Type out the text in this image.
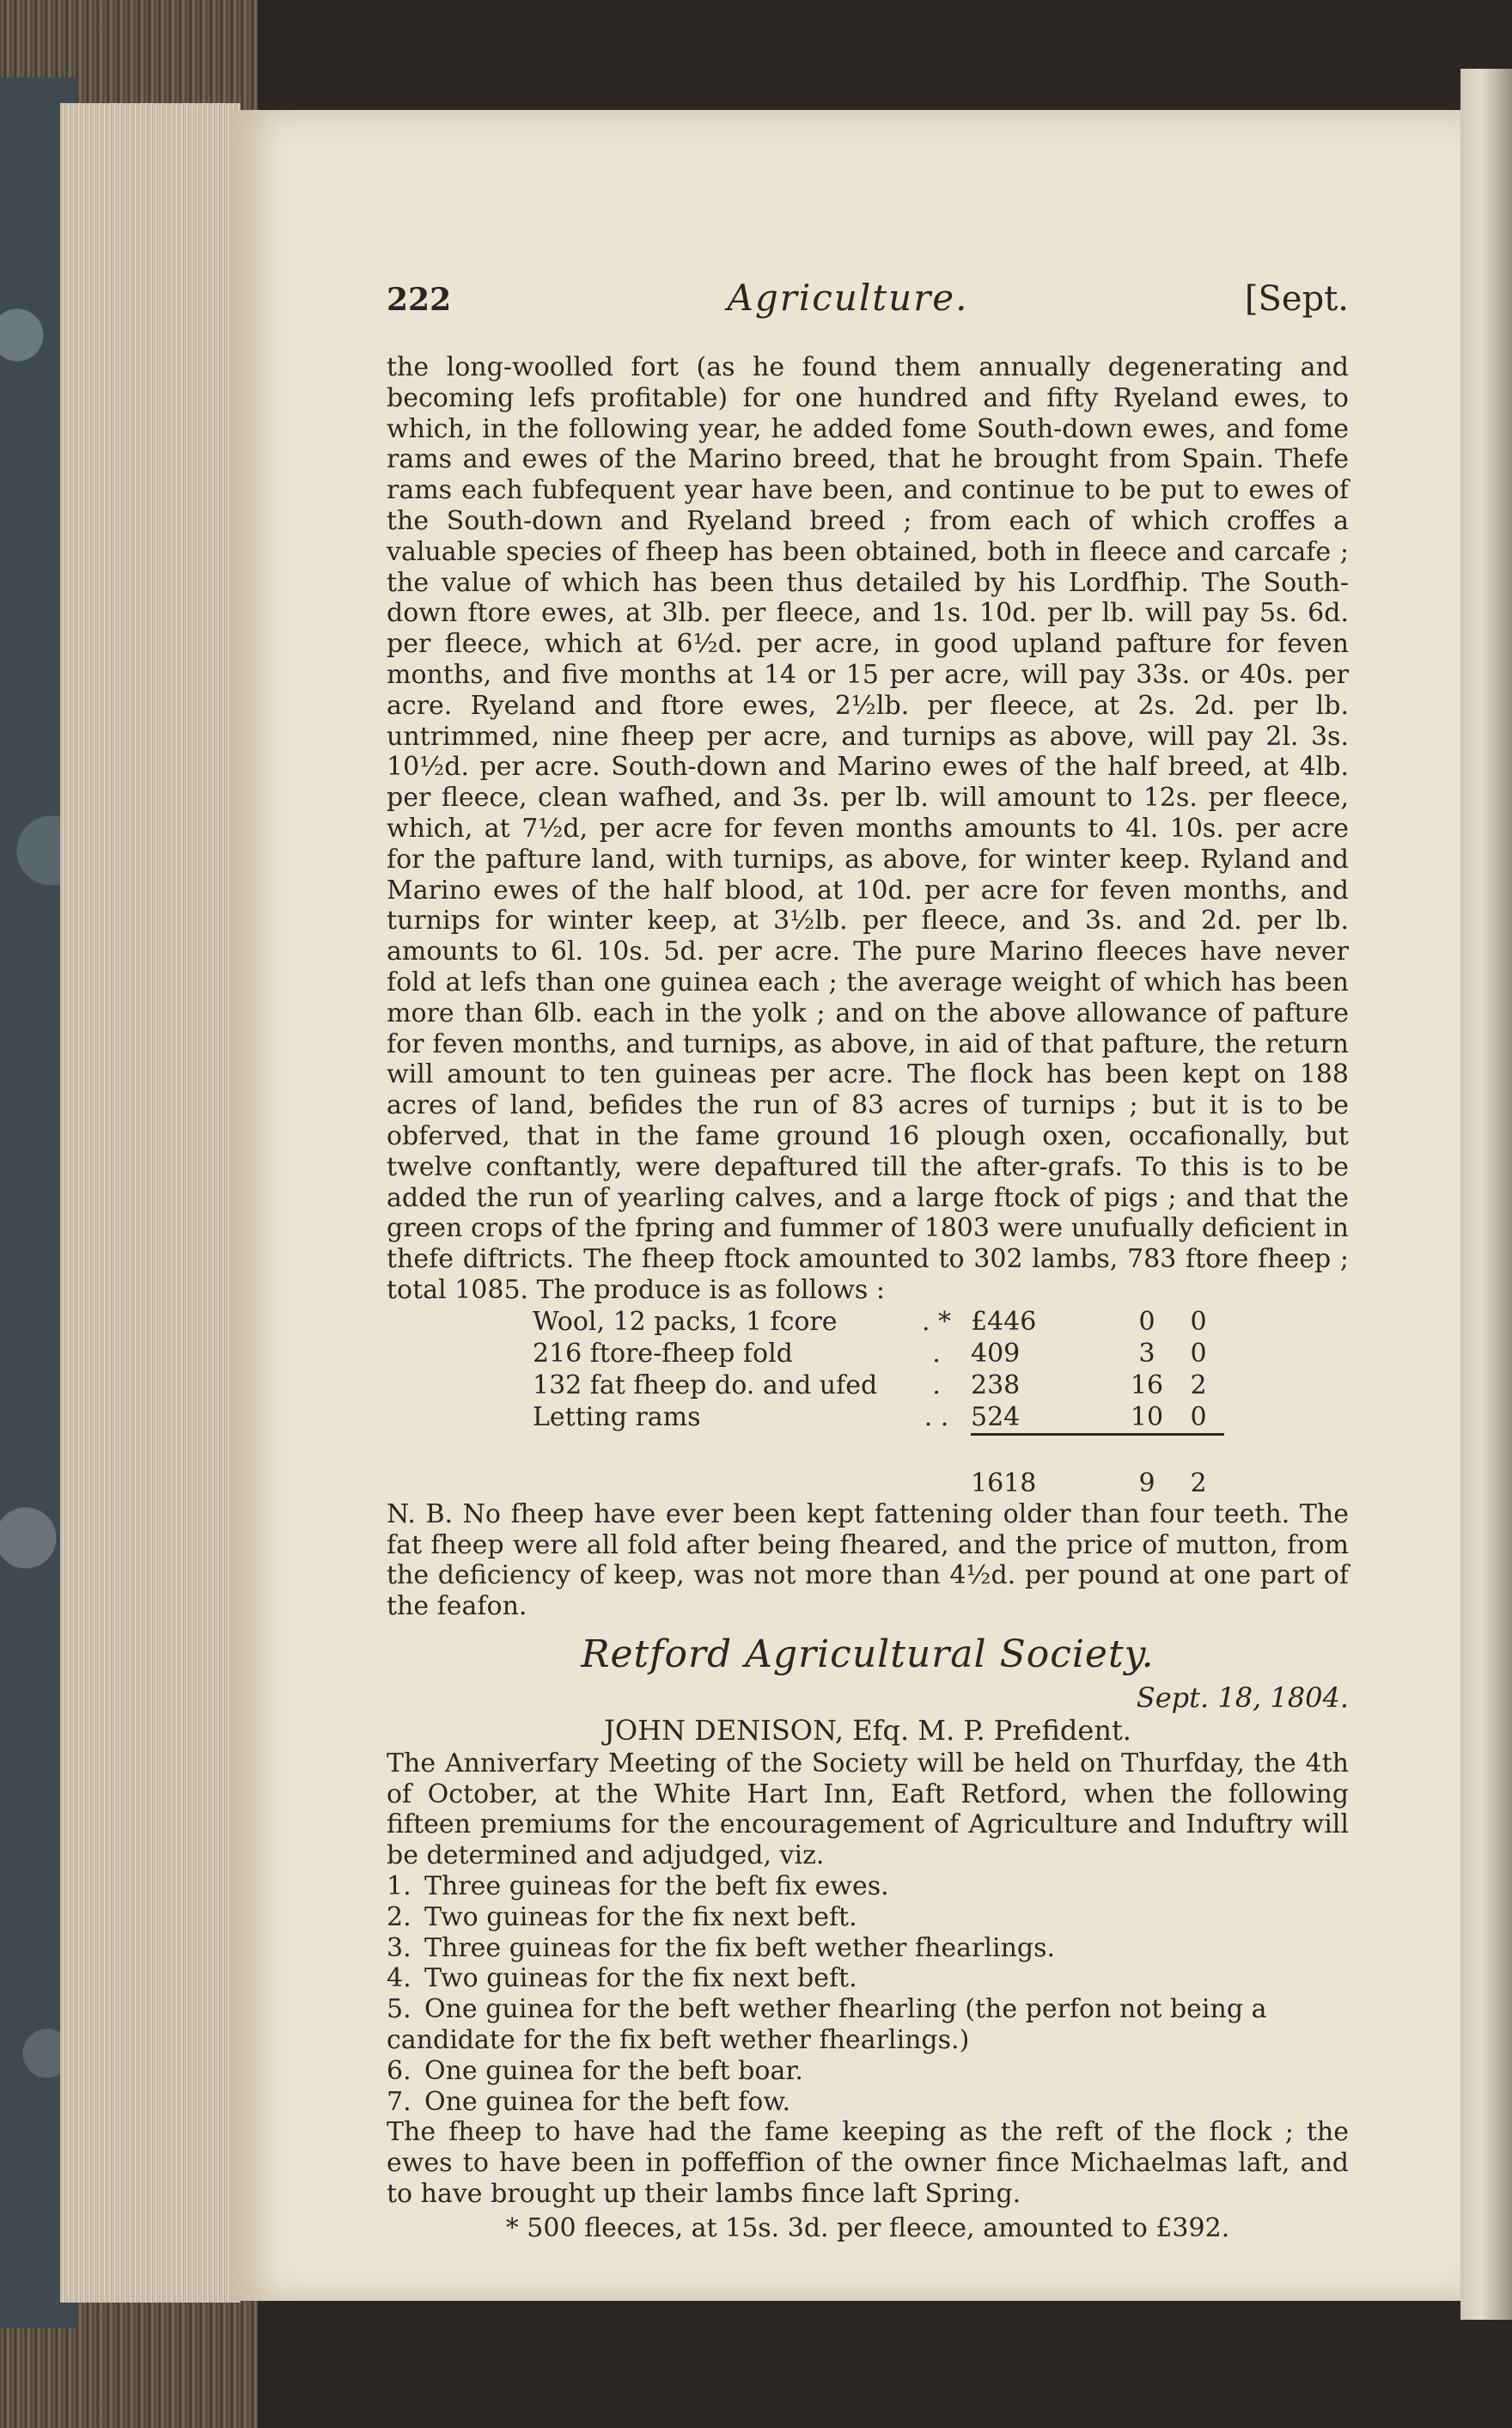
222	Agriculture.	[Sept.

the long-woolled fort (as he found them annually degenerating and becoming lefs profitable) for one hundred and fifty Ryeland ewes, to which, in the following year, he added fome South-down ewes, and fome rams and ewes of the Marino breed, that he brought from Spain. Thefe rams each fubfequent year have been, and continue to be put to ewes of the South-down and Ryeland breed ; from each of which croffes a valuable species of fheep has been obtained, both in fleece and carcafe ; the value of which has been thus detailed by his Lordfhip. The South-down ftore ewes, at 3lb. per fleece, and 1s. 10d. per lb. will pay 5s. 6d. per fleece, which at 6½d. per acre, in good upland pafture for feven months, and five months at 14 or 15 per acre, will pay 33s. or 40s. per acre. Ryeland and ftore ewes, 2½lb. per fleece, at 2s. 2d. per lb. untrimmed, nine fheep per acre, and turnips as above, will pay 2l. 3s. 10½d. per acre. South-down and Marino ewes of the half breed, at 4lb. per fleece, clean wafhed, and 3s. per lb. will amount to 12s. per fleece, which, at 7½d, per acre for feven months amounts to 4l. 10s. per acre for the pafture land, with turnips, as above, for winter keep. Ryland and Marino ewes of the half blood, at 10d. per acre for feven months, and turnips for winter keep, at 3½lb. per fleece, and 3s. and 2d. per lb. amounts to 6l. 10s. 5d. per acre. The pure Marino fleeces have never fold at lefs than one guinea each ; the average weight of which has been more than 6lb. each in the yolk ; and on the above allowance of pafture for feven months, and turnips, as above, in aid of that pafture, the return will amount to ten guineas per acre. The flock has been kept on 188 acres of land, befides the run of 83 acres of turnips ; but it is to be obferved, that in the fame ground 16 plough oxen, occafionally, but twelve conftantly, were depaftured till the after-grafs. To this is to be added the run of yearling calves, and a large ftock of pigs ; and that the green crops of the fpring and fummer of 1803 were unufually deficient in thefe diftricts. The fheep ftock amounted to 302 lambs, 783 ftore fheep ; total 1085. The produce is as follows :

Wool, 12 packs, 1 fcore	. *	£446	0	0
216 ftore-fheep fold	.	409	3	0
132 fat fheep do. and ufed	.	238	16	2
Letting rams	. .	524	10	0

		1618	9	2

N. B. No fheep have ever been kept fattening older than four teeth. The fat fheep were all fold after being fheared, and the price of mutton, from the deficiency of keep, was not more than 4½d. per pound at one part of the feafon.

Retford Agricultural Society.
Sept. 18, 1804.
JOHN DENISON, Efq. M. P. Prefident.

The Anniverfary Meeting of the Society will be held on Thurfday, the 4th of October, at the White Hart Inn, Eaft Retford, when the following fifteen premiums for the encouragement of Agriculture and Induftry will be determined and adjudged, viz.

1. Three guineas for the beft fix ewes.
2. Two guineas for the fix next beft.
3. Three guineas for the fix beft wether fhearlings.
4. Two guineas for the fix next beft.
5. One guinea for the beft wether fhearling (the perfon not being a candidate for the fix beft wether fhearlings.)
6. One guinea for the beft boar.
7. One guinea for the beft fow.

The fheep to have had the fame keeping as the reft of the flock ; the ewes to have been in poffeffion of the owner fince Michaelmas laft, and to have brought up their lambs fince laft Spring.

* 500 fleeces, at 15s. 3d. per fleece, amounted to £392.
